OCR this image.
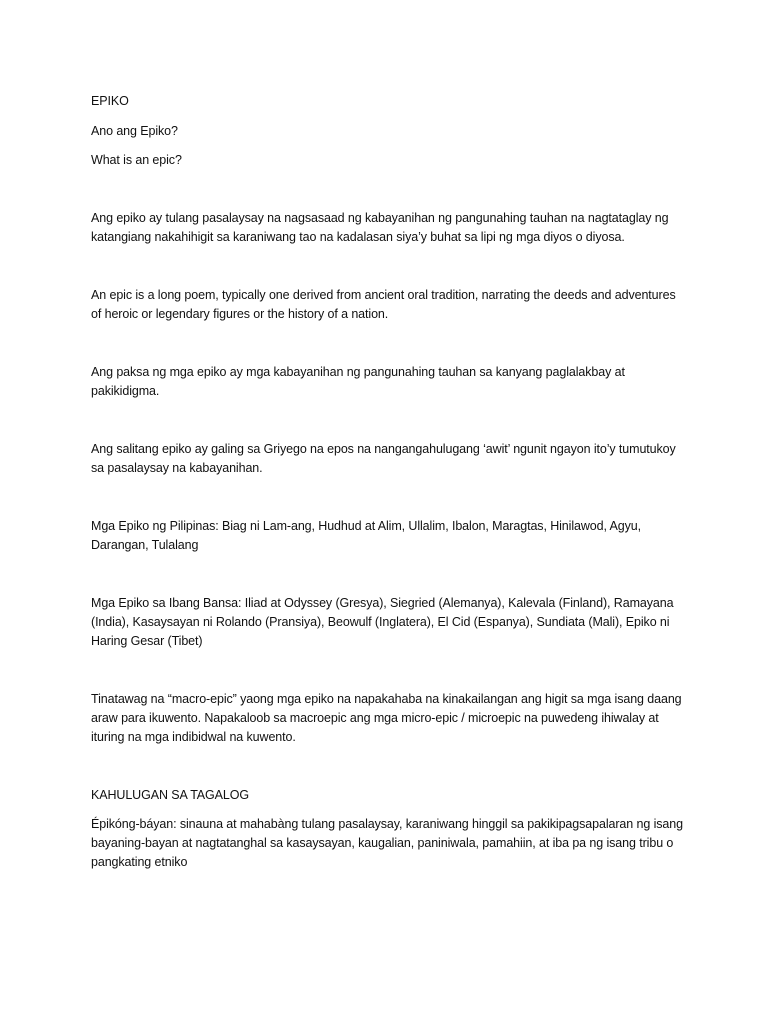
EPIKO

Ano ang Epiko?

What is an epic?

Ang epiko ay tulang pasalaysay na nagsasaad ng kabayanihan ng pangunahing tauhan na nagtataglay ng katangiang nakahihigit sa karaniwang tao na kadalasan siya’y buhat sa lipi ng mga diyos o diyosa.

An epic is a long poem, typically one derived from ancient oral tradition, narrating the deeds and adventures of heroic or legendary figures or the history of a nation.

Ang paksa ng mga epiko ay mga kabayanihan ng pangunahing tauhan sa kanyang paglalakbay at pakikidigma.

Ang salitang epiko ay galing sa Griyego na epos na nangangahulugang ‘awit’ ngunit ngayon ito’y tumutukoy sa pasalaysay na kabayanihan.

Mga Epiko ng Pilipinas: Biag ni Lam-ang, Hudhud at Alim, Ullalim, Ibalon, Maragtas, Hinilawod, Agyu, Darangan, Tulalang

Mga Epiko sa Ibang Bansa: Iliad at Odyssey (Gresya), Siegried (Alemanya), Kalevala (Finland), Ramayana (India), Kasaysayan ni Rolando (Pransiya), Beowulf (Inglatera), El Cid (Espanya), Sundiata (Mali), Epiko ni Haring Gesar (Tibet)

Tinatawag na “macro-epic” yaong mga epiko na napakahaba na kinakailangan ang higit sa mga isang daang araw para ikuwento. Napakaloob sa macroepic ang mga micro-epic / microepic na puwedeng ihiwalay at ituring na mga indibidwal na kuwento.

KAHULUGAN SA TAGALOG

Épikóng-báyan: sinauna at mahabàng tulang pasalaysay, karaniwang hinggil sa pakikipagsapalaran ng isang bayaning-bayan at nagtatanghal sa kasaysayan, kaugalian, paniniwala, pamahiin, at iba pa ng isang tribu o pangkating etniko
